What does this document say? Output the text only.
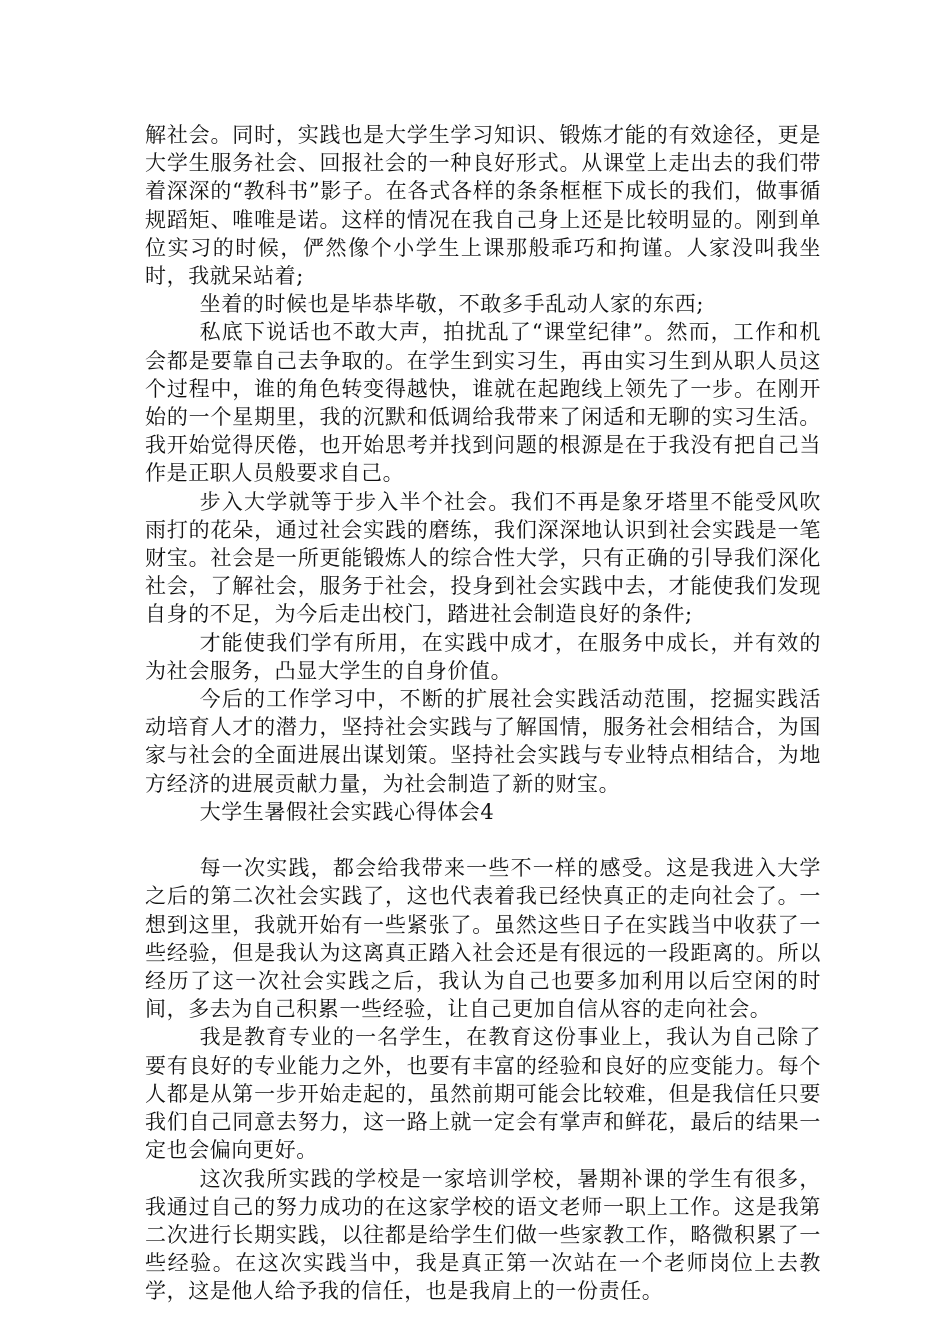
解社会。同时，实践也是大学生学习知识、锻炼才能的有效途径，更是大学生服务社会、回报社会的一种良好形式。从课堂上走出去的我们带着深深的“教科书”影子。在各式各样的条条框框下成长的我们，做事循规蹈矩、唯唯是诺。这样的情况在我自己身上还是比较明显的。刚到单位实习的时候，俨然像个小学生上课那般乖巧和拘谨。人家没叫我坐时，我就呆站着;

坐着的时候也是毕恭毕敬，不敢多手乱动人家的东西;

私底下说话也不敢大声，拍扰乱了“课堂纪律”。然而，工作和机会都是要靠自己去争取的。在学生到实习生，再由实习生到从职人员这个过程中，谁的角色转变得越快，谁就在起跑线上领先了一步。在刚开始的一个星期里，我的沉默和低调给我带来了闲适和无聊的实习生活。我开始觉得厌倦，也开始思考并找到问题的根源是在于我没有把自己当作是正职人员般要求自己。

步入大学就等于步入半个社会。我们不再是象牙塔里不能受风吹雨打的花朵，通过社会实践的磨练，我们深深地认识到社会实践是一笔财宝。社会是一所更能锻炼人的综合性大学，只有正确的引导我们深化社会，了解社会，服务于社会，投身到社会实践中去，才能使我们发现自身的不足，为今后走出校门，踏进社会制造良好的条件;

才能使我们学有所用，在实践中成才，在服务中成长，并有效的为社会服务，凸显大学生的自身价值。

今后的工作学习中，不断的扩展社会实践活动范围，挖掘实践活动培育人才的潜力，坚持社会实践与了解国情，服务社会相结合，为国家与社会的全面进展出谋划策。坚持社会实践与专业特点相结合，为地方经济的进展贡献力量，为社会制造了新的财宝。

大学生暑假社会实践心得体会4

每一次实践，都会给我带来一些不一样的感受。这是我进入大学之后的第二次社会实践了，这也代表着我已经快真正的走向社会了。一想到这里，我就开始有一些紧张了。虽然这些日子在实践当中收获了一些经验，但是我认为这离真正踏入社会还是有很远的一段距离的。所以经历了这一次社会实践之后，我认为自己也要多加利用以后空闲的时间，多去为自己积累一些经验，让自己更加自信从容的走向社会。

我是教育专业的一名学生，在教育这份事业上，我认为自己除了要有良好的专业能力之外，也要有丰富的经验和良好的应变能力。每个人都是从第一步开始走起的，虽然前期可能会比较难，但是我信任只要我们自己同意去努力，这一路上就一定会有掌声和鲜花，最后的结果一定也会偏向更好。

这次我所实践的学校是一家培训学校，暑期补课的学生有很多，我通过自己的努力成功的在这家学校的语文老师一职上工作。这是我第二次进行长期实践，以往都是给学生们做一些家教工作，略微积累了一些经验。在这次实践当中，我是真正第一次站在一个老师岗位上去教学，这是他人给予我的信任，也是我肩上的一份责任。
